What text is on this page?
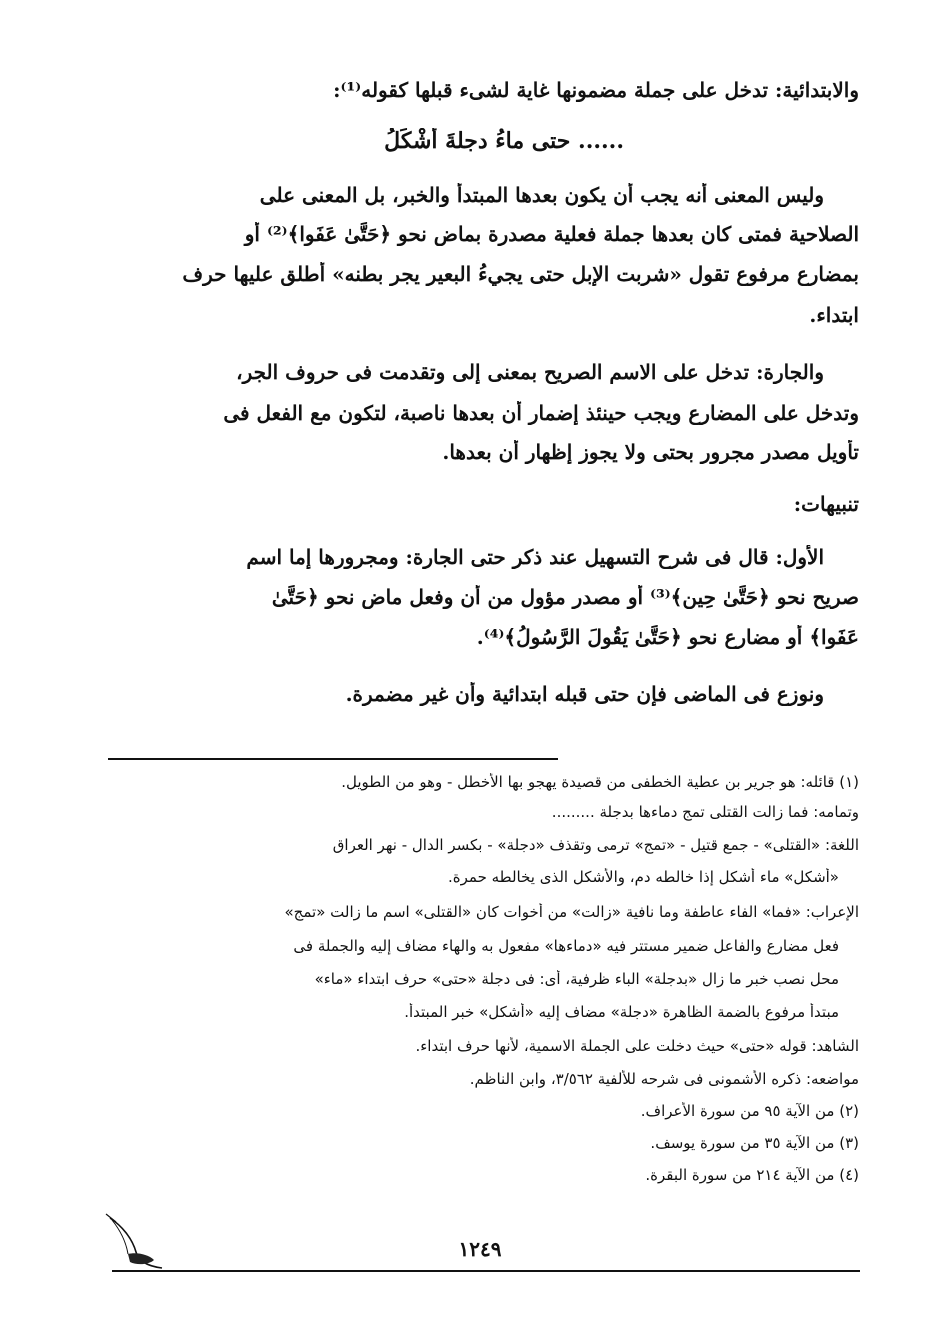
والابتدائية: تدخل على جملة مضمونها غاية لشىء قبلها كقوله⁽¹⁾:
...... حتى ماءُ دجلةَ أشْكَلُ
وليس المعنى أنه يجب أن يكون بعدها المبتدأ والخبر، بل المعنى على
الصلاحية فمتى كان بعدها جملة فعلية مصدرة بماض نحو ﴿حَتَّىٰ عَفَوا﴾⁽²⁾ أو
بمضارع مرفوع تقول «شربت الإبل حتى يجيءُ البعير يجر بطنه» أطلق عليها حرف
ابتداء.
والجارة: تدخل على الاسم الصريح بمعنى إلى وتقدمت فى حروف الجر،
وتدخل على المضارع ويجب حينئذ إضمار أن بعدها ناصبة، لتكون مع الفعل فى
تأويل مصدر مجرور بحتى ولا يجوز إظهار أن بعدها.
تنبيهات:
الأول: قال فى شرح التسهيل عند ذكر حتى الجارة: ومجرورها إما اسم
صريح نحو ﴿حَتَّىٰ حِينٍ﴾⁽³⁾ أو مصدر مؤول من أن وفعل ماض نحو ﴿حَتَّىٰ
عَفَوا﴾ أو مضارع نحو ﴿حَتَّىٰ يَقُولَ الرَّسُولُ﴾⁽⁴⁾.
ونوزع فى الماضى فإن حتى قبله ابتدائية وأن غير مضمرة.
(١) قائله: هو جرير بن عطية الخطفى من قصيدة يهجو بها الأخطل - وهو من الطويل.
وتمامه: فما زالت القتلى تمج دماءها بدجلة .........
اللغة: «القتلى» - جمع قتيل - «تمج» ترمى وتقذف «دجلة» - بكسر الدال - نهر العراق
«أشكل» ماء أشكل إذا خالطه دم، والأشكل الذى يخالطه حمرة.
الإعراب: «فما» الفاء عاطفة وما نافية «زالت» من أخوات كان «القتلى» اسم ما زالت «تمج»
فعل مضارع والفاعل ضمير مستتر فيه «دماءها» مفعول به والهاء مضاف إليه والجملة فى
محل نصب خبر ما زال «بدجلة» الباء ظرفية، أى: فى دجلة «حتى» حرف ابتداء «ماء»
مبتدأ مرفوع بالضمة الظاهرة «دجلة» مضاف إليه «أشكل» خبر المبتدأ.
الشاهد: قوله «حتى» حيث دخلت على الجملة الاسمية، لأنها حرف ابتداء.
مواضعه: ذكره الأشمونى فى شرحه للألفية ٣/٥٦٢، وابن الناظم.
(٢) من الآية ٩٥ من سورة الأعراف.
(٣) من الآية ٣٥ من سورة يوسف.
(٤) من الآية ٢١٤ من سورة البقرة.
١٢٤٩
